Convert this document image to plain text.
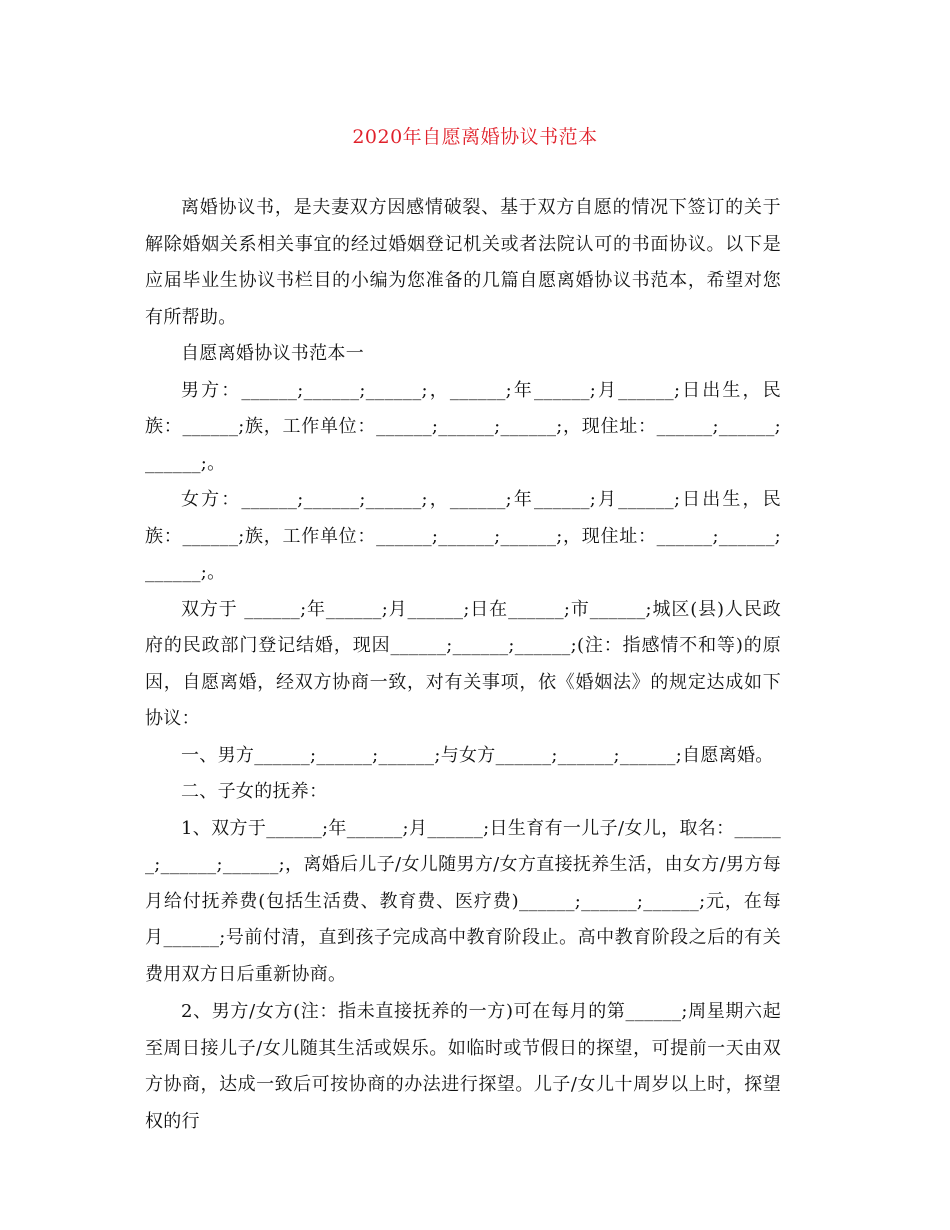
2020年自愿离婚协议书范本

离婚协议书，是夫妻双方因感情破裂、基于双方自愿的情况下签订的关于解除婚姻关系相关事宜的经过婚姻登记机关或者法院认可的书面协议。以下是应届毕业生协议书栏目的小编为您准备的几篇自愿离婚协议书范本，希望对您有所帮助。

自愿离婚协议书范本一

男方：______;______;______;，______;年______;月______;日出生，民族：______;族，工作单位：______;______;______;，现住址：______;______;______;。

女方：______;______;______;，______;年______;月______;日出生，民族：______;族，工作单位：______;______;______;，现住址：______;______;______;。

双方于 ______;年______;月______;日在______;市______;城区(县)人民政府的民政部门登记结婚，现因______;______;______;(注：指感情不和等)的原因，自愿离婚，经双方协商一致，对有关事项，依《婚姻法》的规定达成如下协议：

一、男方______;______;______;与女方______;______;______;自愿离婚。

二、子女的抚养：

1、双方于______;年______;月______;日生育有一儿子/女儿，取名：______;______;______;，离婚后儿子/女儿随男方/女方直接抚养生活，由女方/男方每月给付抚养费(包括生活费、教育费、医疗费)______;______;______;元，在每月______;号前付清，直到孩子完成高中教育阶段止。高中教育阶段之后的有关费用双方日后重新协商。

2、男方/女方(注：指未直接抚养的一方)可在每月的第______;周星期六起至周日接儿子/女儿随其生活或娱乐。如临时或节假日的探望，可提前一天由双方协商，达成一致后可按协商的办法进行探望。儿子/女儿十周岁以上时，探望权的行
